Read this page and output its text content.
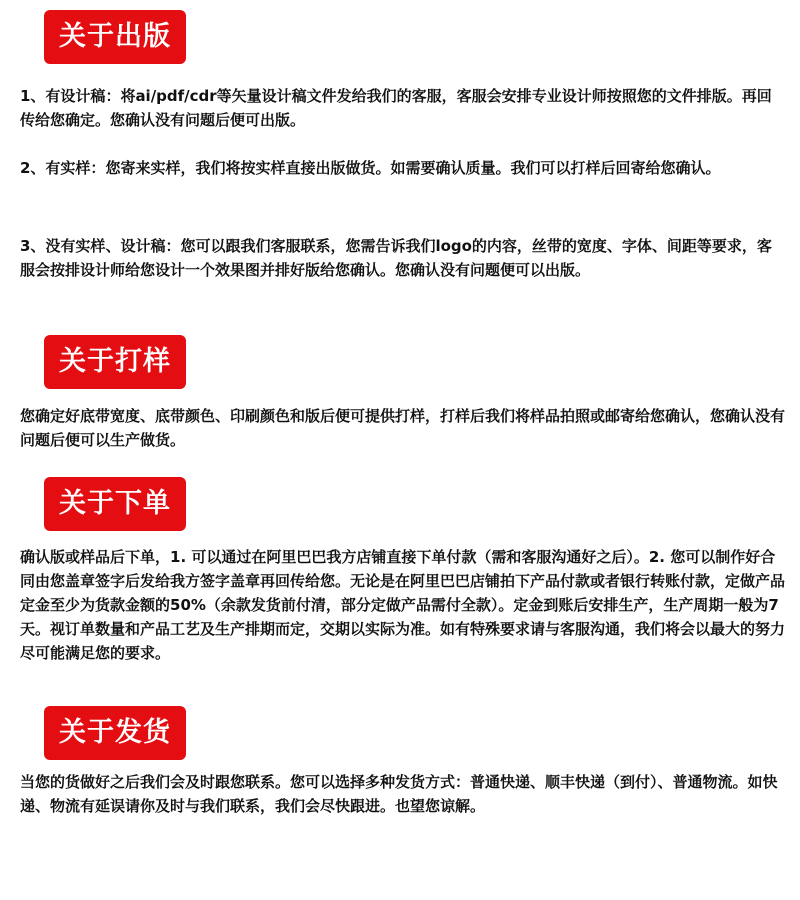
关于出版
1、有设计稿：将ai/pdf/cdr等矢量设计稿文件发给我们的客服，客服会安排专业设计师按照您的文件排版。再回传给您确定。您确认没有问题后便可出版。
2、有实样：您寄来实样，我们将按实样直接出版做货。如需要确认质量。我们可以打样后回寄给您确认。
3、没有实样、设计稿：您可以跟我们客服联系，您需告诉我们logo的内容，丝带的宽度、字体、间距等要求，客服会按排设计师给您设计一个效果图并排好版给您确认。您确认没有问题便可以出版。
关于打样
您确定好底带宽度、底带颜色、印刷颜色和版后便可提供打样，打样后我们将样品拍照或邮寄给您确认，您确认没有问题后便可以生产做货。
关于下单
确认版或样品后下单，1. 可以通过在阿里巴巴我方店铺直接下单付款（需和客服沟通好之后）。2. 您可以制作好合同由您盖章签字后发给我方签字盖章再回传给您。无论是在阿里巴巴店铺拍下产品付款或者银行转账付款，定做产品定金至少为货款金额的50%（余款发货前付清，部分定做产品需付全款）。定金到账后安排生产，生产周期一般为7天。视订单数量和产品工艺及生产排期而定，交期以实际为准。如有特殊要求请与客服沟通，我们将会以最大的努力尽可能满足您的要求。
关于发货
当您的货做好之后我们会及时跟您联系。您可以选择多种发货方式：普通快递、顺丰快递（到付）、普通物流。如快递、物流有延误请你及时与我们联系，我们会尽快跟进。也望您谅解。
